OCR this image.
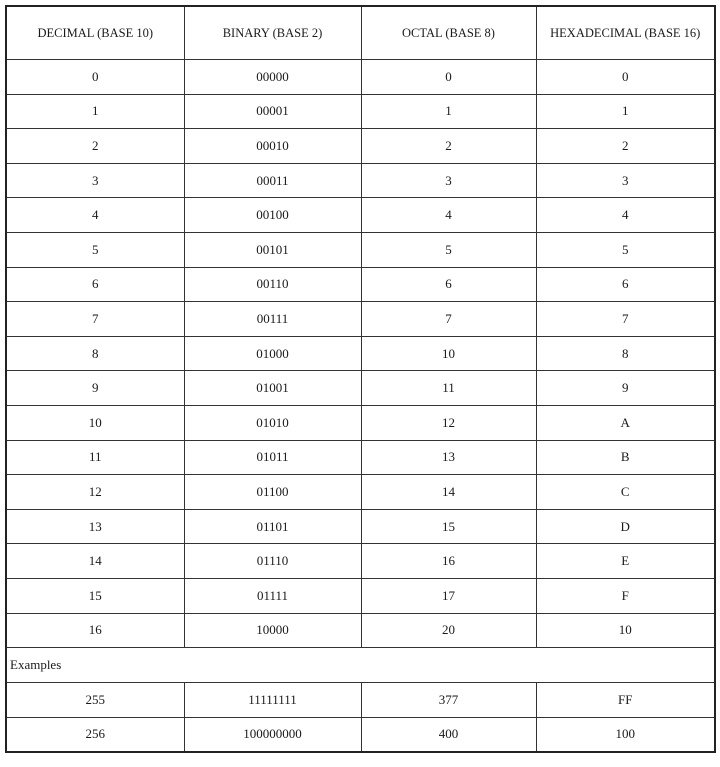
DECIMAL (BASE 10)	BINARY (BASE 2)	OCTAL (BASE 8)	HEXADECIMAL (BASE 16)
0	00000	0	0
1	00001	1	1
2	00010	2	2
3	00011	3	3
4	00100	4	4
5	00101	5	5
6	00110	6	6
7	00111	7	7
8	01000	10	8
9	01001	11	9
10	01010	12	A
11	01011	13	B
12	01100	14	C
13	01101	15	D
14	01110	16	E
15	01111	17	F
16	10000	20	10
Examples			
255	11111111	377	FF
256	100000000	400	100
